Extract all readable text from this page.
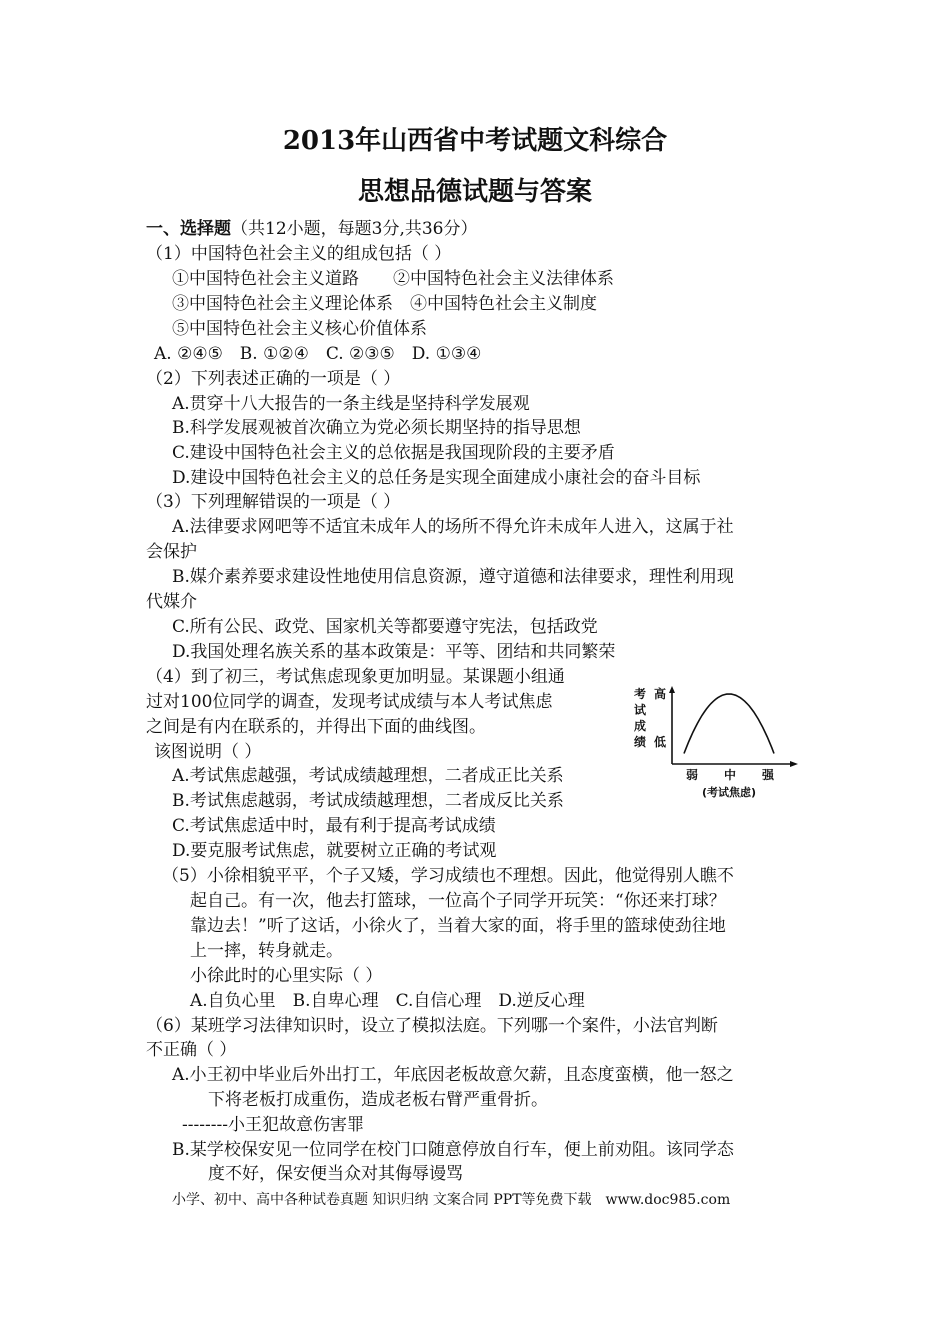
2013年山西省中考试题文科综合
思想品德试题与答案
一、选择题（共12小题，每题3分,共36分）
（1）中国特色社会主义的组成包括（ ）
①中国特色社会主义道路　　②中国特色社会主义法律体系
③中国特色社会主义理论体系　④中国特色社会主义制度
⑤中国特色社会主义核心价值体系
A. ②④⑤　B. ①②④　C. ②③⑤　D. ①③④
（2）下列表述正确的一项是（ ）
A.贯穿十八大报告的一条主线是坚持科学发展观
B.科学发展观被首次确立为党必须长期坚持的指导思想
C.建设中国特色社会主义的总依据是我国现阶段的主要矛盾
D.建设中国特色社会主义的总任务是实现全面建成小康社会的奋斗目标
（3）下列理解错误的一项是（ ）
A.法律要求网吧等不适宜未成年人的场所不得允许未成年人进入，这属于社
会保护
B.媒介素养要求建设性地使用信息资源，遵守道德和法律要求，理性利用现
代媒介
C.所有公民、政党、国家机关等都要遵守宪法，包括政党
D.我国处理名族关系的基本政策是：平等、团结和共同繁荣
（4）到了初三，考试焦虑现象更加明显。某课题小组通
过对100位同学的调查，发现考试成绩与本人考试焦虑
之间是有内在联系的，并得出下面的曲线图。
该图说明（ ）
A.考试焦虑越强，考试成绩越理想，二者成正比关系
B.考试焦虑越弱，考试成绩越理想，二者成反比关系
C.考试焦虑适中时，最有利于提高考试成绩
D.要克服考试焦虑，就要树立正确的考试观
考
试
成
绩
高
低
弱 中 强
(考试焦虑)
（5）小徐相貌平平，个子又矮，学习成绩也不理想。因此，他觉得别人瞧不
起自己。有一次，他去打篮球，一位高个子同学开玩笑：“你还来打球？
靠边去！”听了这话，小徐火了，当着大家的面，将手里的篮球使劲往地
上一摔，转身就走。
小徐此时的心里实际（ ）
A.自负心里　B.自卑心理　C.自信心理　D.逆反心理
（6）某班学习法律知识时，设立了模拟法庭。下列哪一个案件，小法官判断
不正确（ ）
A.小王初中毕业后外出打工，年底因老板故意欠薪，且态度蛮横，他一怒之
下将老板打成重伤，造成老板右臂严重骨折。
--------小王犯故意伤害罪
B.某学校保安见一位同学在校门口随意停放自行车，便上前劝阻。该同学态
度不好，保安便当众对其侮辱谩骂
小学、初中、高中各种试卷真题 知识归纳 文案合同 PPT等免费下载　www.doc985.com
